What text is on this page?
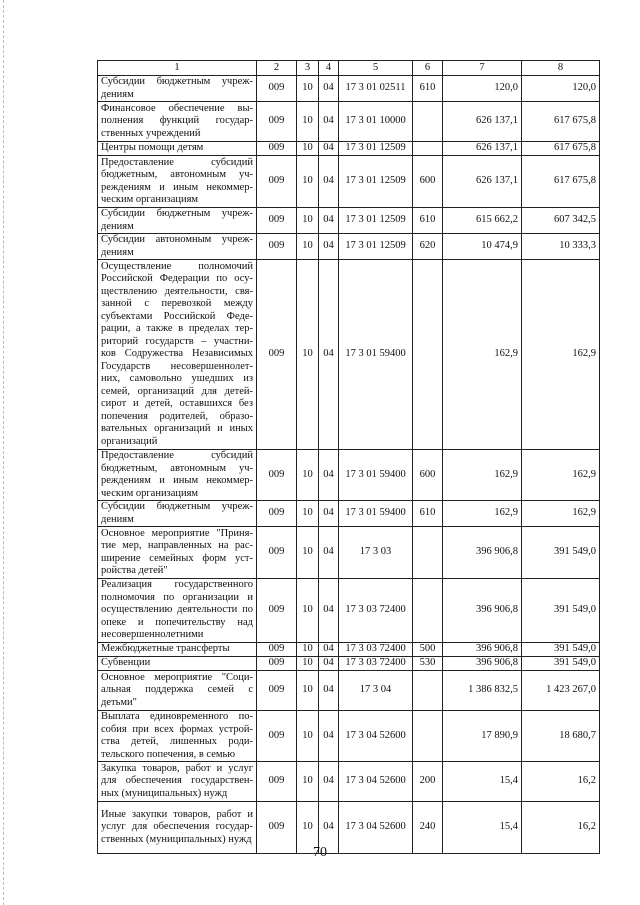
1	2	3	4	5	6	7	8
Субсидии бюджетным учреж-дениям	009	10	04	17 3 01 02511	610	120,0	120,0
Финансовое обеспечение вы-полнения функций государ-ственных учреждений	009	10	04	17 3 01 10000		626 137,1	617 675,8
Центры помощи детям	009	10	04	17 3 01 12509		626 137,1	617 675,8
Предоставление субсидий бюджетным, автономным уч-реждениям и иным некоммер-ческим организациям	009	10	04	17 3 01 12509	600	626 137,1	617 675,8
Субсидии бюджетным учреж-дениям	009	10	04	17 3 01 12509	610	615 662,2	607 342,5
Субсидии автономным учреж-дениям	009	10	04	17 3 01 12509	620	10 474,9	10 333,3
Осуществление полномочий Российской Федерации по осу-ществлению деятельности, свя-занной с перевозкой между субъектами Российской Феде-рации, а также в пределах тер-риторий государств – участни-ков Содружества Независимых Государств несовершеннолет-них, самовольно ушедших из семей, организаций для детей-сирот и детей, оставшихся без попечения родителей, образо-вательных организаций и иных организаций	009	10	04	17 3 01 59400		162,9	162,9
Предоставление субсидий бюджетным, автономным уч-реждениям и иным некоммер-ческим организациям	009	10	04	17 3 01 59400	600	162,9	162,9
Субсидии бюджетным учреж-дениям	009	10	04	17 3 01 59400	610	162,9	162,9
Основное мероприятие "Приня-тие мер, направленных на рас-ширение семейных форм уст-ройства детей"	009	10	04	17 3 03		396 906,8	391 549,0
Реализация государственного полномочия по организации и осуществлению деятельности по опеке и попечительству над несовершеннолетними	009	10	04	17 3 03 72400		396 906,8	391 549,0
Межбюджетные трансферты	009	10	04	17 3 03 72400	500	396 906,8	391 549,0
Субвенции	009	10	04	17 3 03 72400	530	396 906,8	391 549,0
Основное мероприятие "Соци-альная поддержка семей с детьми"	009	10	04	17 3 04		1 386 832,5	1 423 267,0
Выплата единовременного по-собия при всех формах устрой-ства детей, лишенных роди-тельского попечения, в семью	009	10	04	17 3 04 52600		17 890,9	18 680,7
Закупка товаров, работ и услуг для обеспечения государствен-ных (муниципальных) нужд	009	10	04	17 3 04 52600	200	15,4	16,2
Иные закупки товаров, работ и услуг для обеспечения государ-ственных (муниципальных) нужд	009	10	04	17 3 04 52600	240	15,4	16,2
70
